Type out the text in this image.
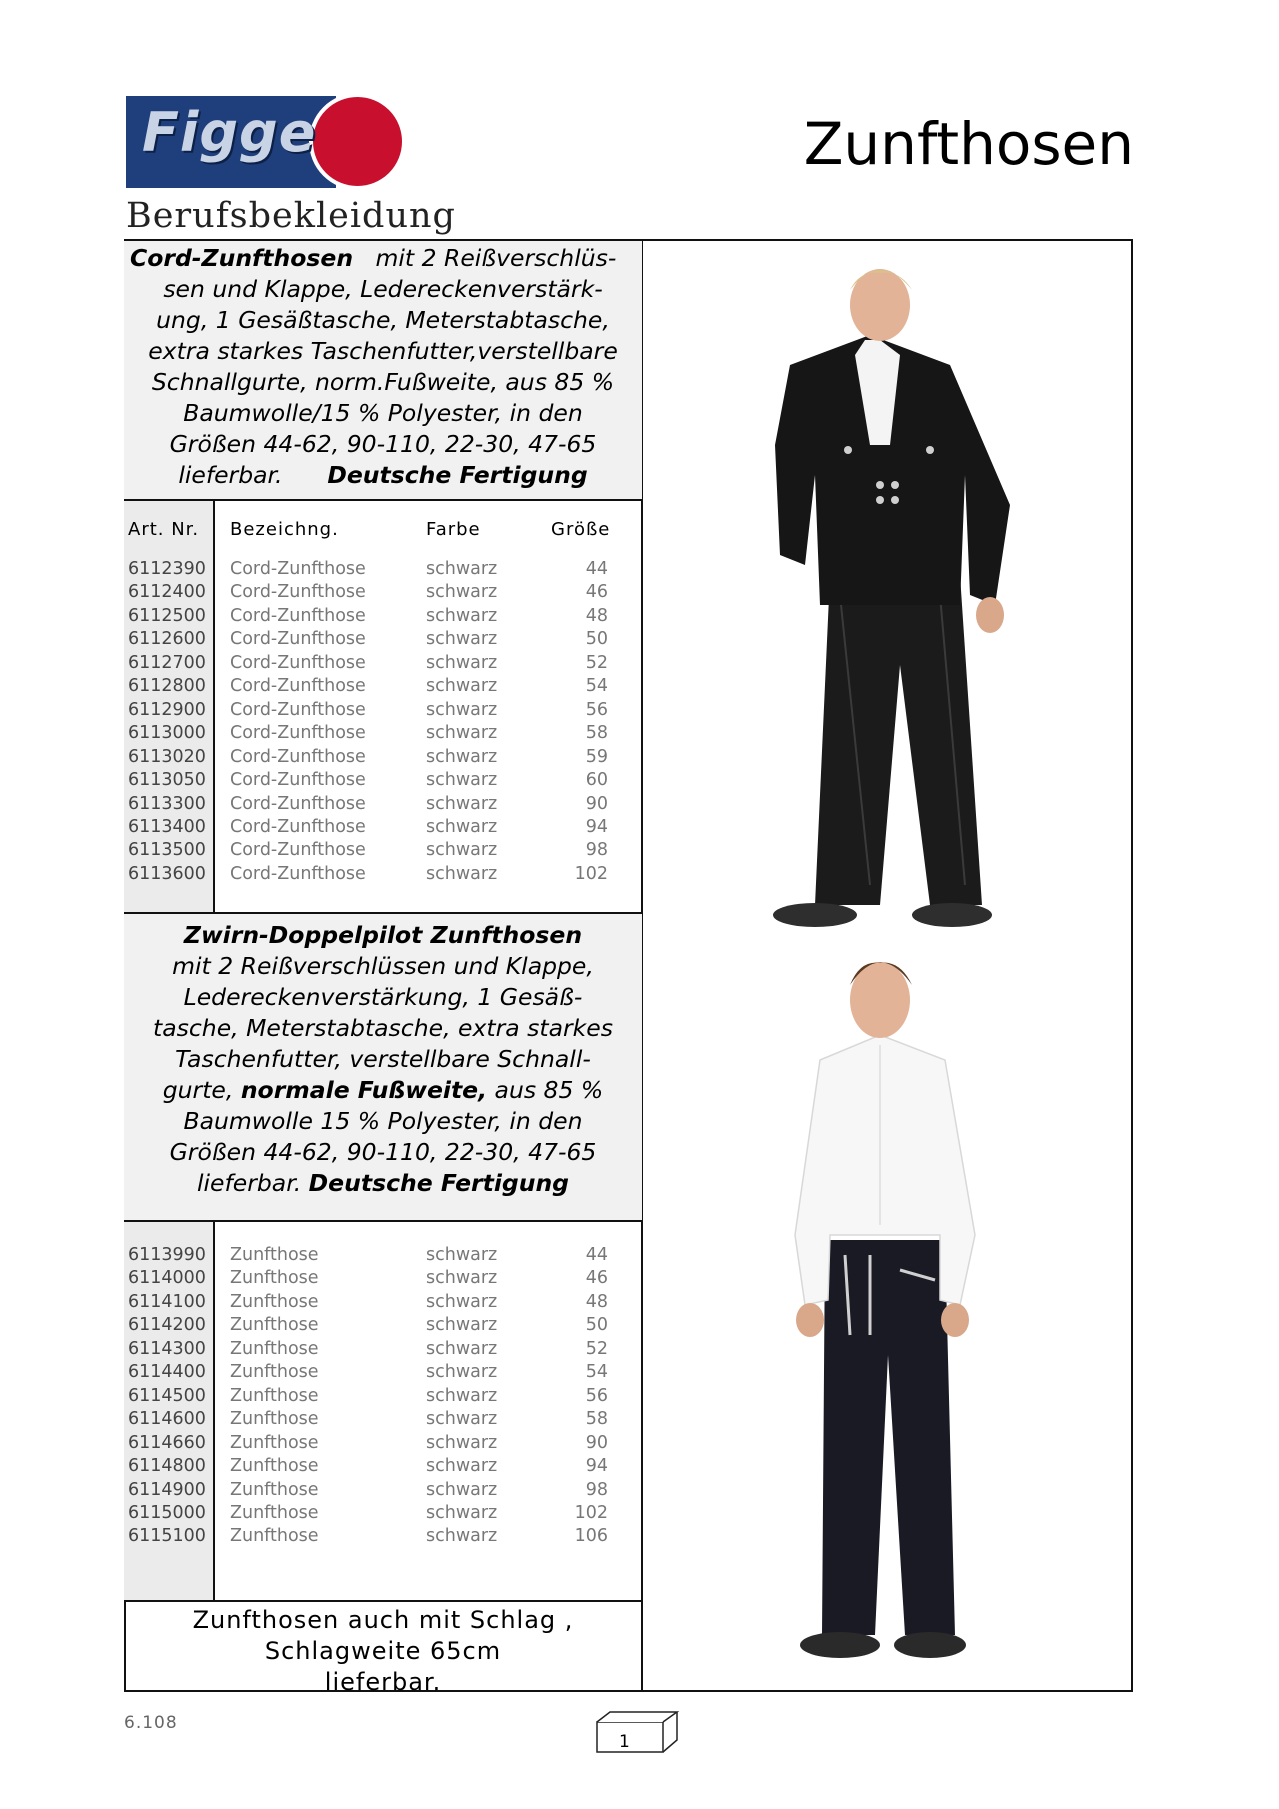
Figge
Berufsbekleidung
Zunfthosen
Cord-Zunfthosen mit 2 Reißverschlüs-
sen und Klappe, Ledereckenverstärk-
ung, 1 Gesäßtasche, Meterstabtasche,
extra starkes Taschenfutter,verstellbare
Schnallgurte, norm.Fußweite, aus 85 %
Baumwolle/15 % Polyester, in den
Größen 44-62, 90-110, 22-30, 47-65
lieferbar. Deutsche Fertigung
Art. Nr. Bezeichng.	Farbe	Größe
6112390 Cord-Zunfthose	schwarz	44
6112400 Cord-Zunfthose	schwarz	46
6112500 Cord-Zunfthose	schwarz	48
6112600 Cord-Zunfthose	schwarz	50
6112700 Cord-Zunfthose	schwarz	52
6112800 Cord-Zunfthose	schwarz	54
6112900 Cord-Zunfthose	schwarz	56
6113000 Cord-Zunfthose	schwarz	58
6113020 Cord-Zunfthose	schwarz	59
6113050 Cord-Zunfthose	schwarz	60
6113300 Cord-Zunfthose	schwarz	90
6113400 Cord-Zunfthose	schwarz	94
6113500 Cord-Zunfthose	schwarz	98
6113600 Cord-Zunfthose	schwarz	102
Zwirn-Doppelpilot Zunfthosen
mit 2 Reißverschlüssen und Klappe,
Ledereckenverstärkung, 1 Gesäß-
tasche, Meterstabtasche, extra starkes
Taschenfutter, verstellbare Schnall-
gurte, normale Fußweite, aus 85 %
Baumwolle 15 % Polyester, in den
Größen 44-62, 90-110, 22-30, 47-65
lieferbar. Deutsche Fertigung
6113990 Zunfthose	schwarz	44
6114000 Zunfthose	schwarz	46
6114100 Zunfthose	schwarz	48
6114200 Zunfthose	schwarz	50
6114300 Zunfthose	schwarz	52
6114400 Zunfthose	schwarz	54
6114500 Zunfthose	schwarz	56
6114600 Zunfthose	schwarz	58
6114660 Zunfthose	schwarz	90
6114800 Zunfthose	schwarz	94
6114900 Zunfthose	schwarz	98
6115000 Zunfthose	schwarz	102
6115100 Zunfthose	schwarz	106
Zunfthosen auch mit Schlag ,
Schlagweite 65cm
lieferbar.
6.108
1
